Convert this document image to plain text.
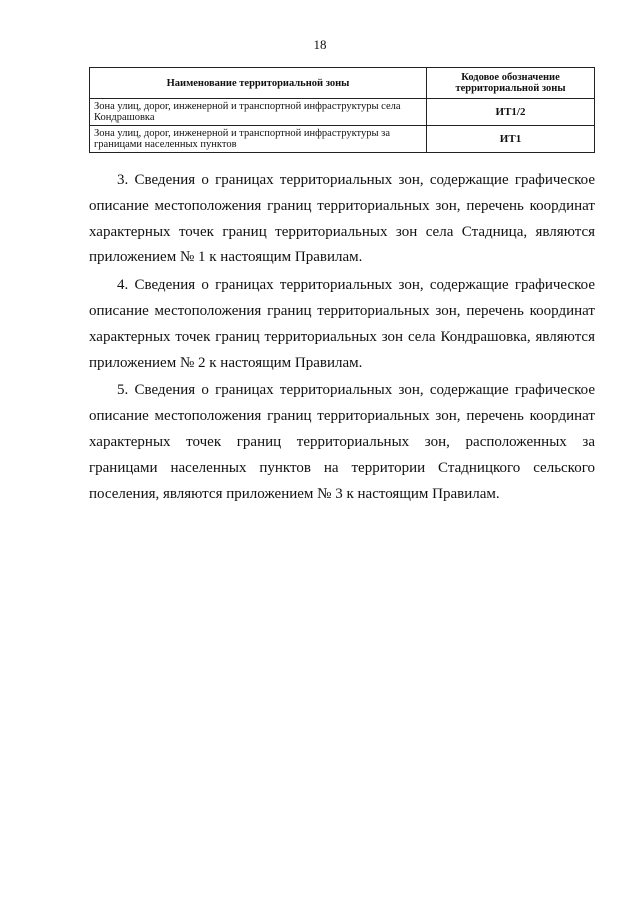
18
Наименование территориальной зоны	Кодовое обозначение территориальной зоны
Зона улиц, дорог, инженерной и транспортной инфраструктуры села Кондрашовка	ИТ1/2
Зона улиц, дорог, инженерной и транспортной инфраструктуры за границами населенных пунктов	ИТ1

3. Сведения о границах территориальных зон, содержащие графическое описание местоположения границ территориальных зон, перечень координат характерных точек границ территориальных зон села Стадница, являются приложением № 1 к настоящим Правилам.

4. Сведения о границах территориальных зон, содержащие графическое описание местоположения границ территориальных зон, перечень координат характерных точек границ территориальных зон села Кондрашовка, являются приложением № 2 к настоящим Правилам.

5. Сведения о границах территориальных зон, содержащие графическое описание местоположения границ территориальных зон, перечень координат характерных точек границ территориальных зон, расположенных за границами населенных пунктов на территории Стадницкого сельского поселения, являются приложением № 3 к настоящим Правилам.
